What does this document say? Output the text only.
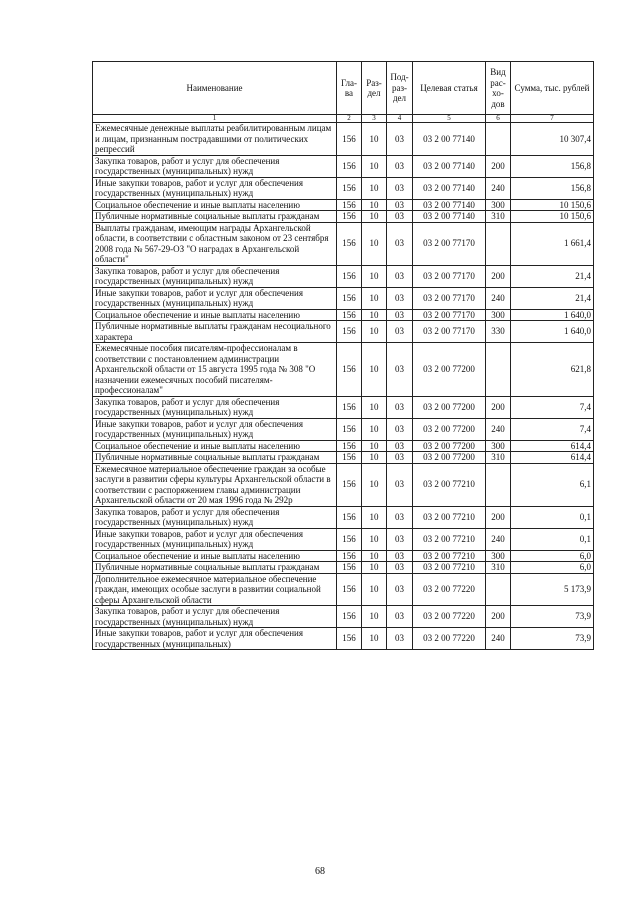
Наименование	Гла-ва	Раз-дел	Под-раз-дел	Целевая статья	Вид рас-хо-дов	Сумма, тыс. рублей
1	2	3	4	5	6	7
Ежемесячные денежные выплаты реабилитированным лицам и лицам, признанным пострадавшими от политических репрессий	156	10	03	03 2 00 77140		10 307,4
Закупка товаров, работ и услуг для обеспечения государственных (муниципальных) нужд	156	10	03	03 2 00 77140	200	156,8
Иные закупки товаров, работ и услуг для обеспечения государственных (муниципальных) нужд	156	10	03	03 2 00 77140	240	156,8
Социальное обеспечение и иные выплаты населению	156	10	03	03 2 00 77140	300	10 150,6
Публичные нормативные социальные выплаты гражданам	156	10	03	03 2 00 77140	310	10 150,6
Выплаты гражданам, имеющим награды Архангельской области, в соответствии с областным законом от 23 сентября 2008 года № 567-29-ОЗ "О наградах в Архангельской области"	156	10	03	03 2 00 77170		1 661,4
Закупка товаров, работ и услуг для обеспечения государственных (муниципальных) нужд	156	10	03	03 2 00 77170	200	21,4
Иные закупки товаров, работ и услуг для обеспечения государственных (муниципальных) нужд	156	10	03	03 2 00 77170	240	21,4
Социальное обеспечение и иные выплаты населению	156	10	03	03 2 00 77170	300	1 640,0
Публичные нормативные выплаты гражданам несоциального характера	156	10	03	03 2 00 77170	330	1 640,0
Ежемесячные пособия писателям-профессионалам в соответствии с постановлением администрации Архангельской области от 15 августа 1995 года № 308 "О назначении ежемесячных пособий писателям-профессионалам"	156	10	03	03 2 00 77200		621,8
Закупка товаров, работ и услуг для обеспечения государственных (муниципальных) нужд	156	10	03	03 2 00 77200	200	7,4
Иные закупки товаров, работ и услуг для обеспечения государственных (муниципальных) нужд	156	10	03	03 2 00 77200	240	7,4
Социальное обеспечение и иные выплаты населению	156	10	03	03 2 00 77200	300	614,4
Публичные нормативные социальные выплаты гражданам	156	10	03	03 2 00 77200	310	614,4
Ежемесячное материальное обеспечение граждан за особые заслуги в развитии сферы культуры Архангельской области в соответствии с распоряжением главы администрации Архангельской области от 20 мая 1996 года № 292р	156	10	03	03 2 00 77210		6,1
Закупка товаров, работ и услуг для обеспечения государственных (муниципальных) нужд	156	10	03	03 2 00 77210	200	0,1
Иные закупки товаров, работ и услуг для обеспечения государственных (муниципальных) нужд	156	10	03	03 2 00 77210	240	0,1
Социальное обеспечение и иные выплаты населению	156	10	03	03 2 00 77210	300	6,0
Публичные нормативные социальные выплаты гражданам	156	10	03	03 2 00 77210	310	6,0
Дополнительное ежемесячное материальное обеспечение граждан, имеющих особые заслуги в развитии социальной сферы Архангельской области	156	10	03	03 2 00 77220		5 173,9
Закупка товаров, работ и услуг для обеспечения государственных (муниципальных) нужд	156	10	03	03 2 00 77220	200	73,9
Иные закупки товаров, работ и услуг для обеспечения государственных (муниципальных)	156	10	03	03 2 00 77220	240	73,9
68
